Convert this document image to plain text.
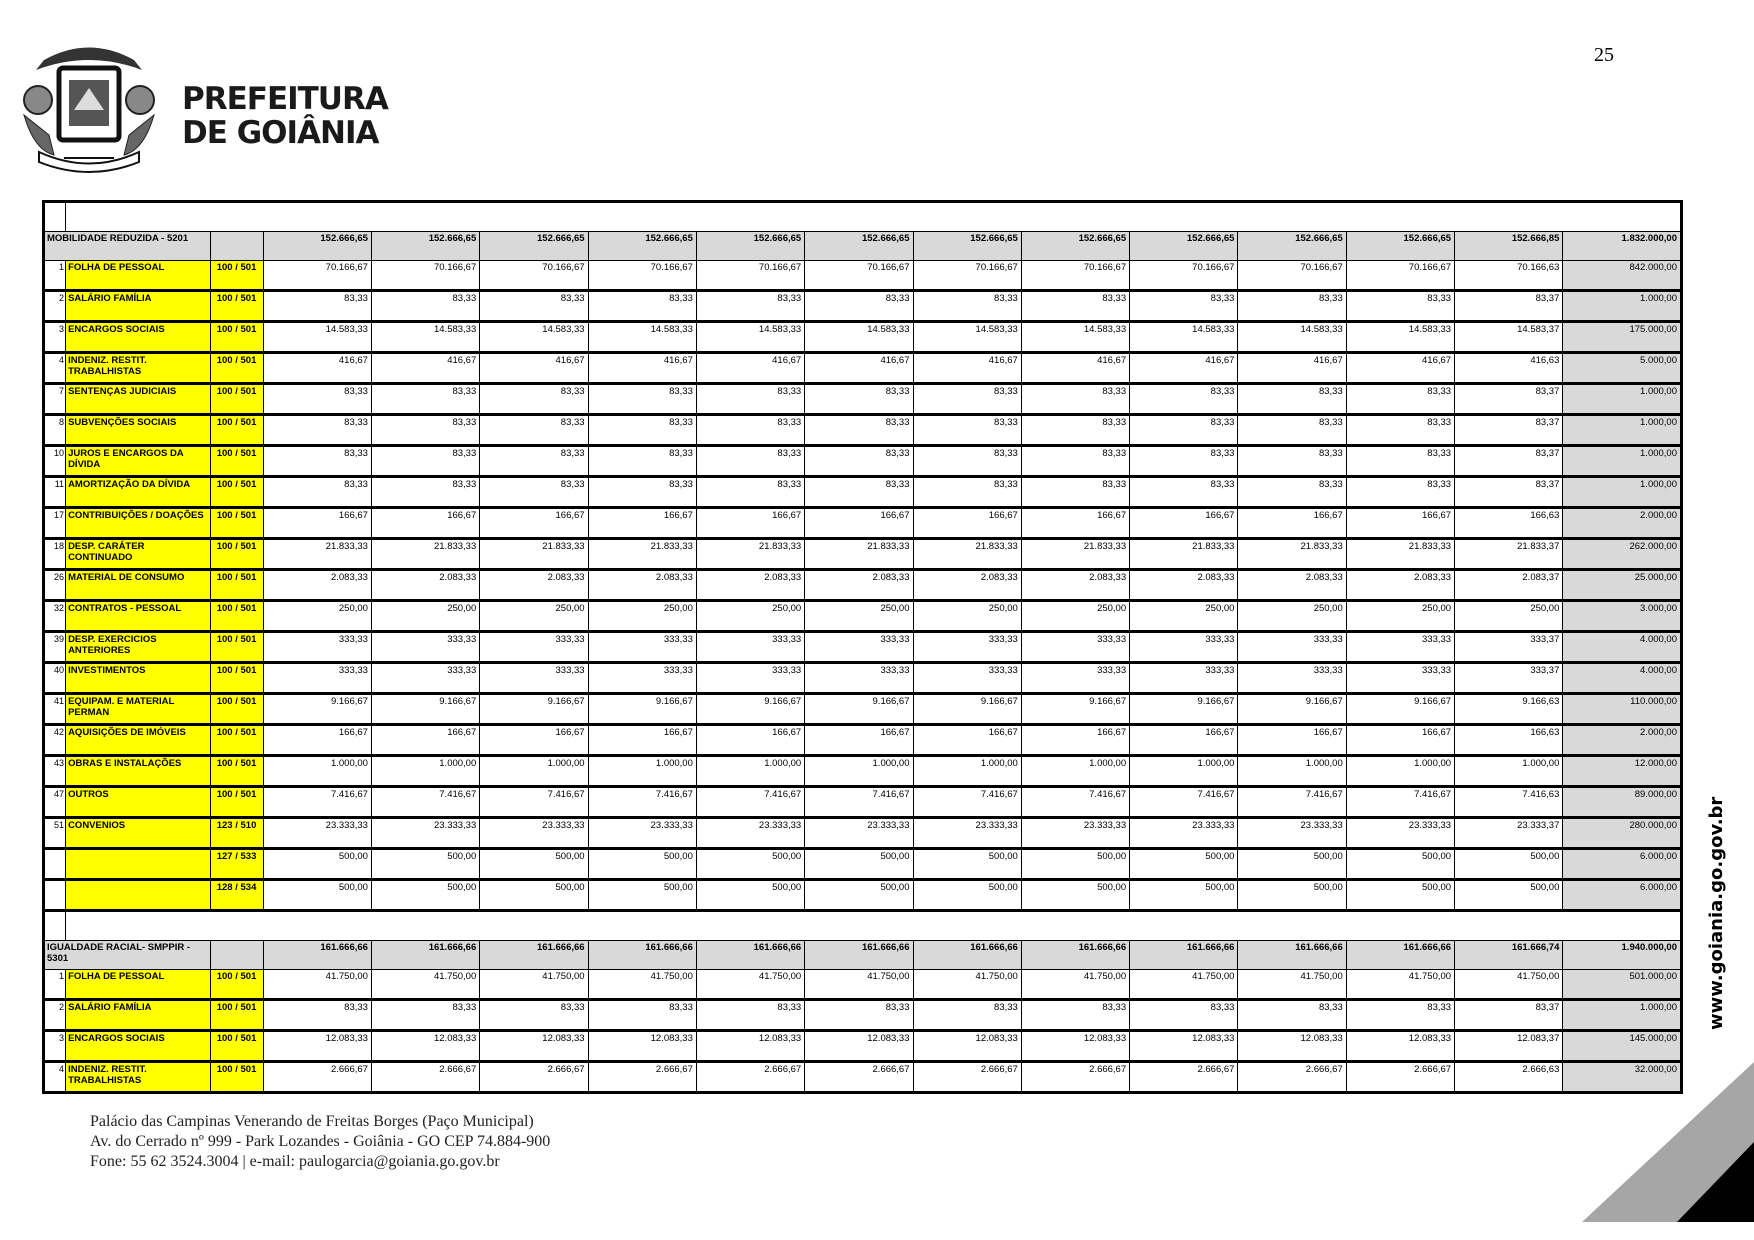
PREFEITURA
DE GOIÂNIA
25

MOBILIDADE REDUZIDA - 5201			152.666,65	152.666,65	152.666,65	152.666,65	152.666,65	152.666,65	152.666,65	152.666,65	152.666,65	152.666,65	152.666,65	152.666,85	1.832.000,00
1	FOLHA DE PESSOAL	100 / 501	70.166,67	70.166,67	70.166,67	70.166,67	70.166,67	70.166,67	70.166,67	70.166,67	70.166,67	70.166,67	70.166,67	70.166,63	842.000,00
2	SALÁRIO FAMÍLIA	100 / 501	83,33	83,33	83,33	83,33	83,33	83,33	83,33	83,33	83,33	83,33	83,33	83,37	1.000,00
3	ENCARGOS SOCIAIS	100 / 501	14.583,33	14.583,33	14.583,33	14.583,33	14.583,33	14.583,33	14.583,33	14.583,33	14.583,33	14.583,33	14.583,33	14.583,37	175.000,00
4	INDENIZ. RESTIT. TRABALHISTAS	100 / 501	416,67	416,67	416,67	416,67	416,67	416,67	416,67	416,67	416,67	416,67	416,67	416,63	5.000,00
7	SENTENÇAS JUDICIAIS	100 / 501	83,33	83,33	83,33	83,33	83,33	83,33	83,33	83,33	83,33	83,33	83,33	83,37	1.000,00
8	SUBVENÇÕES SOCIAIS	100 / 501	83,33	83,33	83,33	83,33	83,33	83,33	83,33	83,33	83,33	83,33	83,33	83,37	1.000,00
10	JUROS E ENCARGOS DA DÍVIDA	100 / 501	83,33	83,33	83,33	83,33	83,33	83,33	83,33	83,33	83,33	83,33	83,33	83,37	1.000,00
11	AMORTIZAÇÃO DA DÍVIDA	100 / 501	83,33	83,33	83,33	83,33	83,33	83,33	83,33	83,33	83,33	83,33	83,33	83,37	1.000,00
17	CONTRIBUIÇÕES / DOAÇÕES	100 / 501	166,67	166,67	166,67	166,67	166,67	166,67	166,67	166,67	166,67	166,67	166,67	166,63	2.000,00
18	DESP. CARÁTER CONTINUADO	100 / 501	21.833,33	21.833,33	21.833,33	21.833,33	21.833,33	21.833,33	21.833,33	21.833,33	21.833,33	21.833,33	21.833,33	21.833,37	262.000,00
26	MATERIAL DE CONSUMO	100 / 501	2.083,33	2.083,33	2.083,33	2.083,33	2.083,33	2.083,33	2.083,33	2.083,33	2.083,33	2.083,33	2.083,33	2.083,37	25.000,00
32	CONTRATOS - PESSOAL	100 / 501	250,00	250,00	250,00	250,00	250,00	250,00	250,00	250,00	250,00	250,00	250,00	250,00	3.000,00
39	DESP. EXERCICIOS ANTERIORES	100 / 501	333,33	333,33	333,33	333,33	333,33	333,33	333,33	333,33	333,33	333,33	333,33	333,37	4.000,00
40	INVESTIMENTOS	100 / 501	333,33	333,33	333,33	333,33	333,33	333,33	333,33	333,33	333,33	333,33	333,33	333,37	4.000,00
41	EQUIPAM. E MATERIAL PERMAN	100 / 501	9.166,67	9.166,67	9.166,67	9.166,67	9.166,67	9.166,67	9.166,67	9.166,67	9.166,67	9.166,67	9.166,67	9.166,63	110.000,00
42	AQUISIÇÕES DE IMÓVEIS	100 / 501	166,67	166,67	166,67	166,67	166,67	166,67	166,67	166,67	166,67	166,67	166,67	166,63	2.000,00
43	OBRAS E INSTALAÇÕES	100 / 501	1.000,00	1.000,00	1.000,00	1.000,00	1.000,00	1.000,00	1.000,00	1.000,00	1.000,00	1.000,00	1.000,00	1.000,00	12.000,00
47	OUTROS	100 / 501	7.416,67	7.416,67	7.416,67	7.416,67	7.416,67	7.416,67	7.416,67	7.416,67	7.416,67	7.416,67	7.416,67	7.416,63	89.000,00
51	CONVENIOS	123 / 510	23.333,33	23.333,33	23.333,33	23.333,33	23.333,33	23.333,33	23.333,33	23.333,33	23.333,33	23.333,33	23.333,33	23.333,37	280.000,00
		127 / 533	500,00	500,00	500,00	500,00	500,00	500,00	500,00	500,00	500,00	500,00	500,00	500,00	6.000,00
		128 / 534	500,00	500,00	500,00	500,00	500,00	500,00	500,00	500,00	500,00	500,00	500,00	500,00	6.000,00

IGUALDADE RACIAL- SMPPIR - 5301			161.666,66	161.666,66	161.666,66	161.666,66	161.666,66	161.666,66	161.666,66	161.666,66	161.666,66	161.666,66	161.666,66	161.666,74	1.940.000,00
1	FOLHA DE PESSOAL	100 / 501	41.750,00	41.750,00	41.750,00	41.750,00	41.750,00	41.750,00	41.750,00	41.750,00	41.750,00	41.750,00	41.750,00	41.750,00	501.000,00
2	SALÁRIO FAMÍLIA	100 / 501	83,33	83,33	83,33	83,33	83,33	83,33	83,33	83,33	83,33	83,33	83,33	83,37	1.000,00
3	ENCARGOS SOCIAIS	100 / 501	12.083,33	12.083,33	12.083,33	12.083,33	12.083,33	12.083,33	12.083,33	12.083,33	12.083,33	12.083,33	12.083,33	12.083,37	145.000,00
4	INDENIZ. RESTIT. TRABALHISTAS	100 / 501	2.666,67	2.666,67	2.666,67	2.666,67	2.666,67	2.666,67	2.666,67	2.666,67	2.666,67	2.666,67	2.666,67	2.666,63	32.000,00
www.goiania.go.gov.br
Palácio das Campinas Venerando de Freitas Borges (Paço Municipal)
Av. do Cerrado nº 999 - Park Lozandes - Goiânia - GO CEP 74.884-900
Fone: 55 62 3524.3004 | e-mail: paulogarcia@goiania.go.gov.br
